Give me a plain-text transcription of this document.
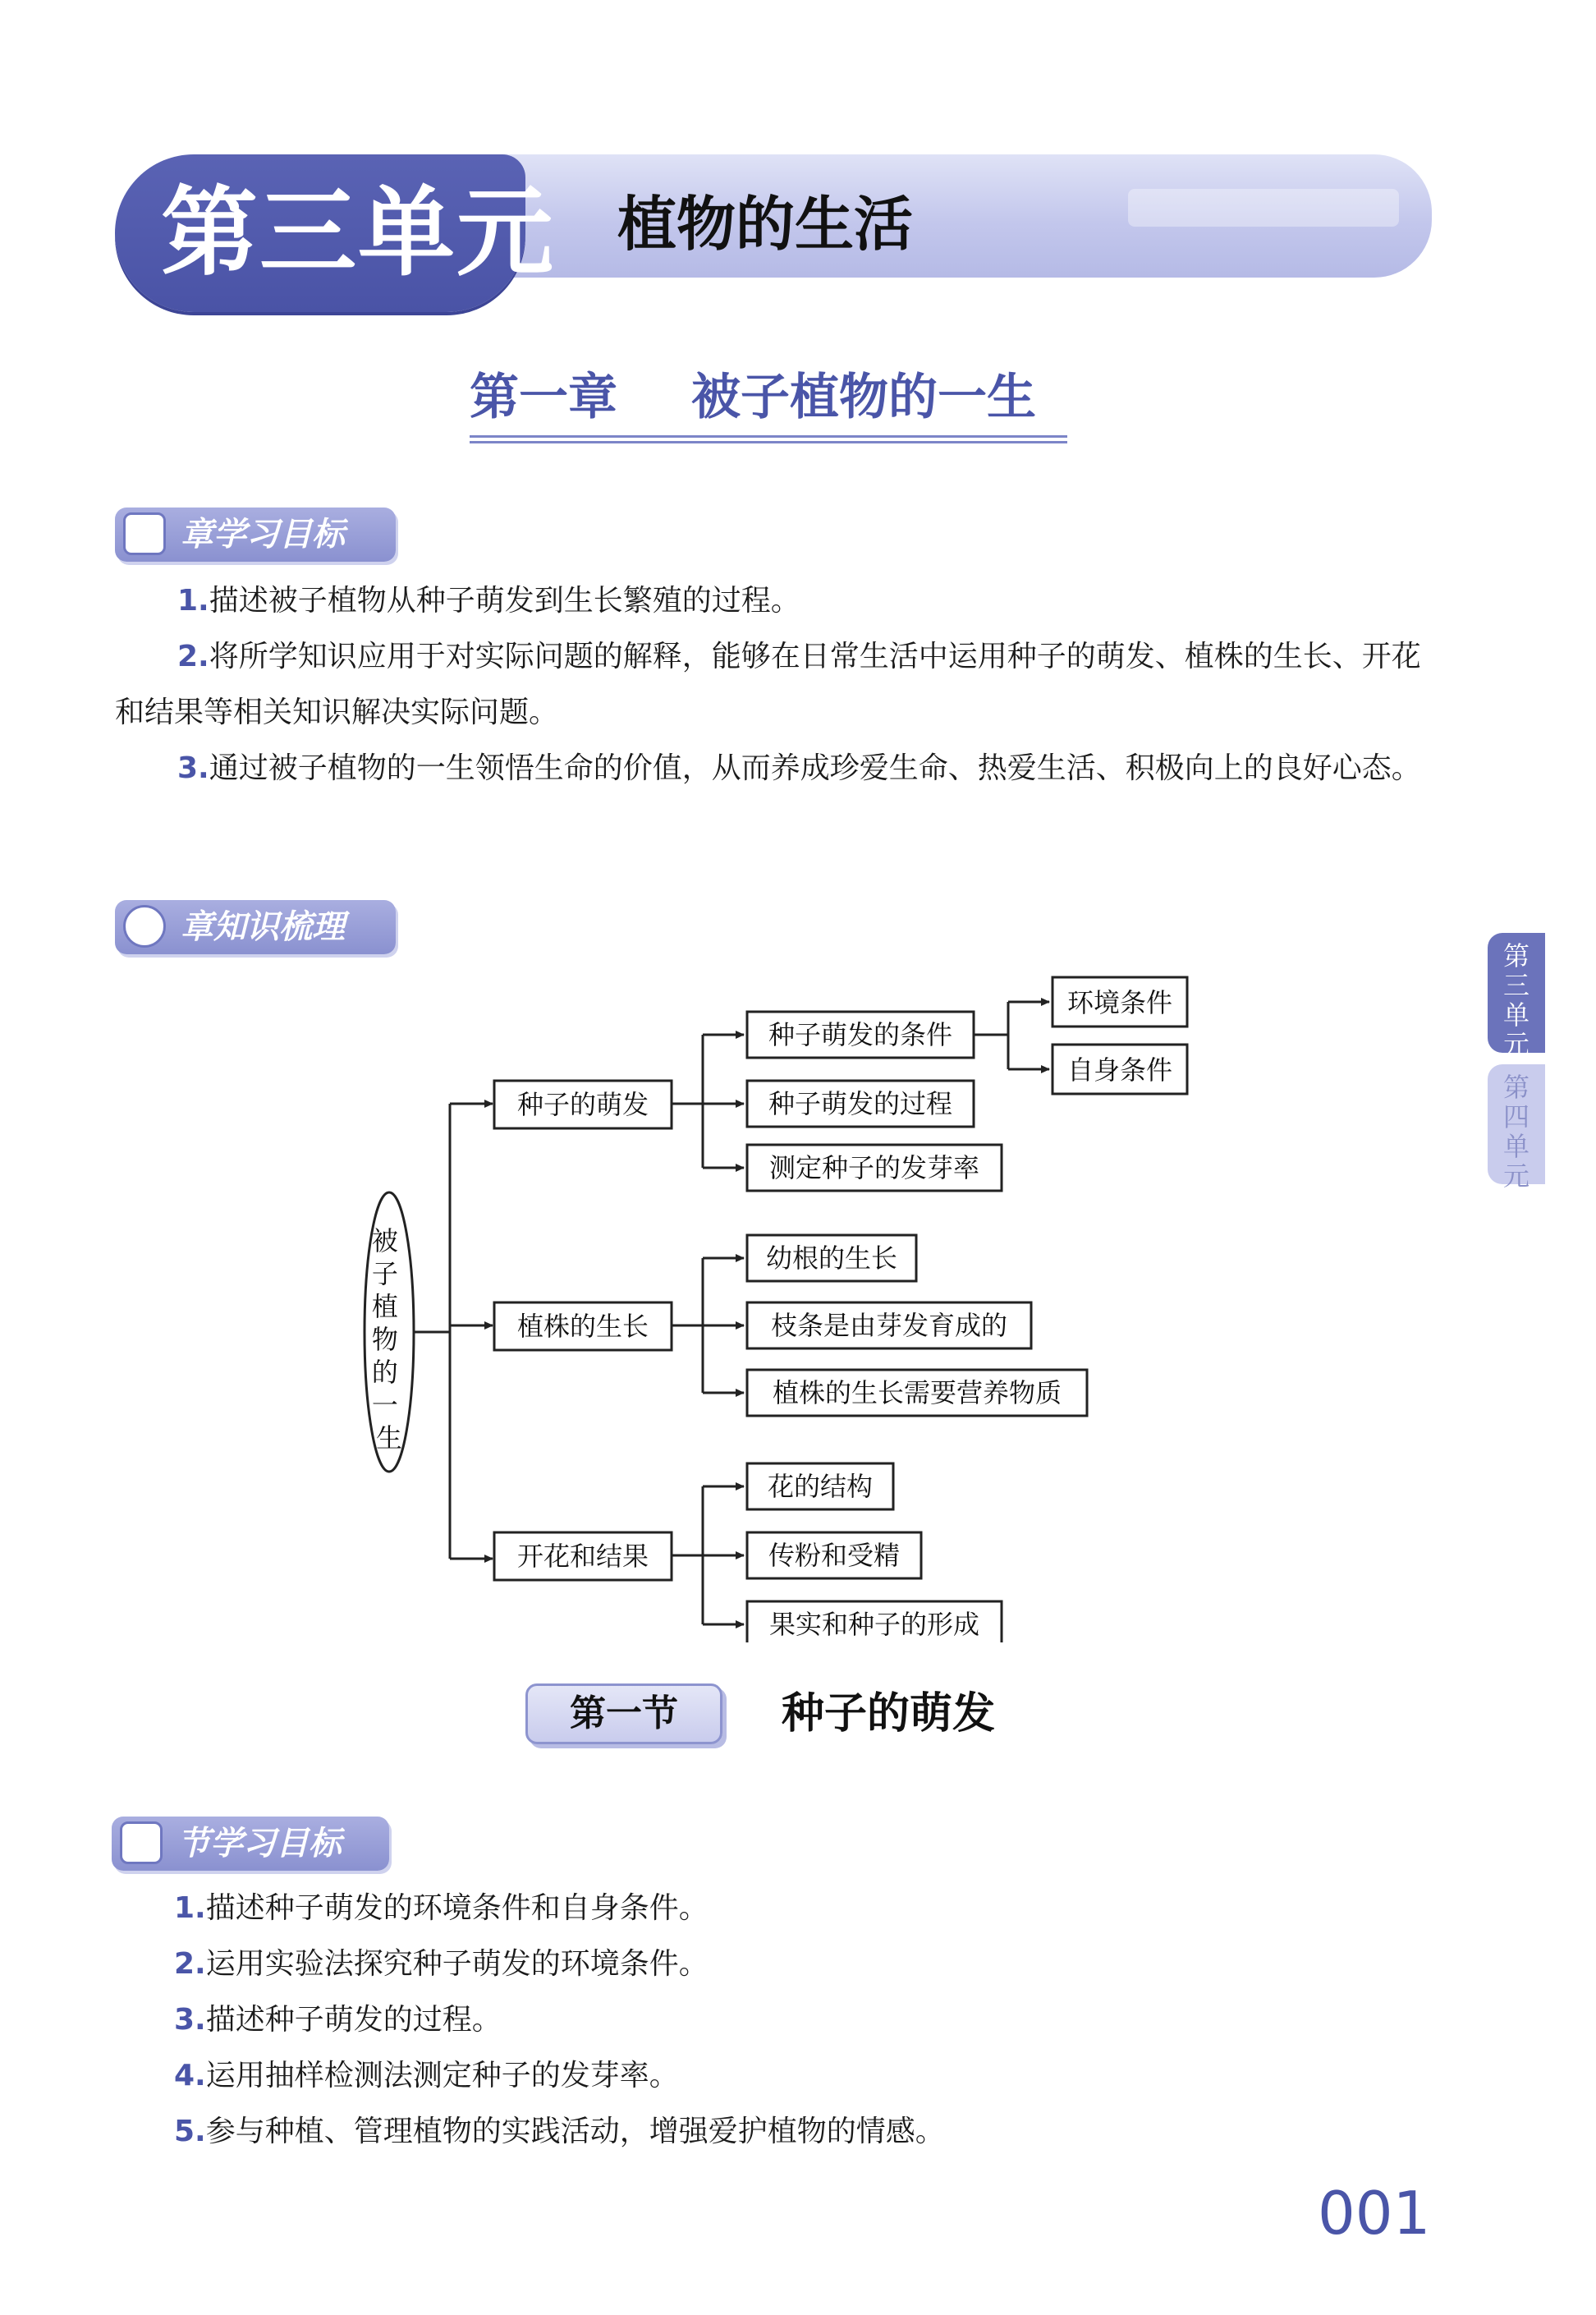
第三单元 植物的生活
第一章 被子植物的一生
章学习目标
1.描述被子植物从种子萌发到生长繁殖的过程。
2.将所学知识应用于对实际问题的解释，能够在日常生活中运用种子的萌发、植株的生长、开花和结果等相关知识解决实际问题。
3.通过被子植物的一生领悟生命的价值，从而养成珍爱生命、热爱生活、积极向上的良好心态。
章知识梳理
被 子 植 物 的 一 生
种子的萌发
植株的生长
开花和结果
种子萌发的条件
种子萌发的过程
测定种子的发芽率
环境条件
自身条件
幼根的生长
枝条是由芽发育成的
植株的生长需要营养物质
花的结构
传粉和受精
果实和种子的形成
第一节	种子的萌发
节学习目标
1.描述种子萌发的环境条件和自身条件。
2.运用实验法探究种子萌发的环境条件。
3.描述种子萌发的过程。
4.运用抽样检测法测定种子的发芽率。
5.参与种植、管理植物的实践活动，增强爱护植物的情感。
第
三
单
元
第
四
单
元
001
